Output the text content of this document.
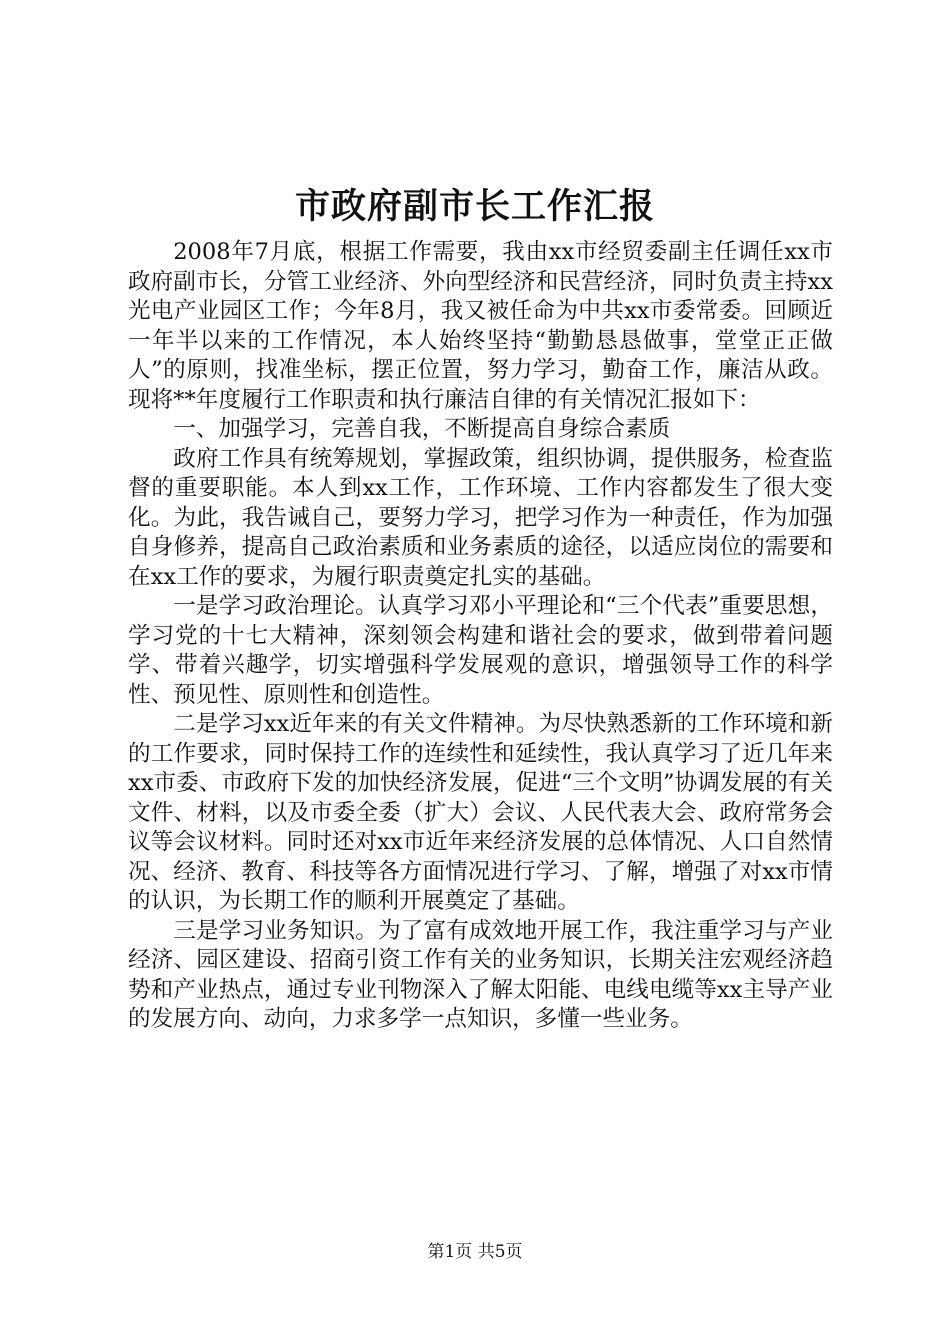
市政府副市长工作汇报

2008年7月底，根据工作需要，我由xx市经贸委副主任调任xx市政府副市长，分管工业经济、外向型经济和民营经济，同时负责主持xx光电产业园区工作；今年8月，我又被任命为中共xx市委常委。回顾近一年半以来的工作情况，本人始终坚持“勤勤恳恳做事，堂堂正正做人”的原则，找准坐标，摆正位置，努力学习，勤奋工作，廉洁从政。现将**年度履行工作职责和执行廉洁自律的有关情况汇报如下：

一、加强学习，完善自我，不断提高自身综合素质

政府工作具有统筹规划，掌握政策，组织协调，提供服务，检查监督的重要职能。本人到xx工作，工作环境、工作内容都发生了很大变化。为此，我告诫自己，要努力学习，把学习作为一种责任，作为加强自身修养，提高自己政治素质和业务素质的途径，以适应岗位的需要和在xx工作的要求，为履行职责奠定扎实的基础。

一是学习政治理论。认真学习邓小平理论和“三个代表”重要思想，学习党的十七大精神，深刻领会构建和谐社会的要求，做到带着问题学、带着兴趣学，切实增强科学发展观的意识，增强领导工作的科学性、预见性、原则性和创造性。

二是学习xx近年来的有关文件精神。为尽快熟悉新的工作环境和新的工作要求，同时保持工作的连续性和延续性，我认真学习了近几年来xx市委、市政府下发的加快经济发展，促进“三个文明”协调发展的有关文件、材料，以及市委全委（扩大）会议、人民代表大会、政府常务会议等会议材料。同时还对xx市近年来经济发展的总体情况、人口自然情况、经济、教育、科技等各方面情况进行学习、了解，增强了对xx市情的认识，为长期工作的顺利开展奠定了基础。

三是学习业务知识。为了富有成效地开展工作，我注重学习与产业经济、园区建设、招商引资工作有关的业务知识，长期关注宏观经济趋势和产业热点，通过专业刊物深入了解太阳能、电线电缆等xx主导产业的发展方向、动向，力求多学一点知识，多懂一些业务。

第1页 共5页
